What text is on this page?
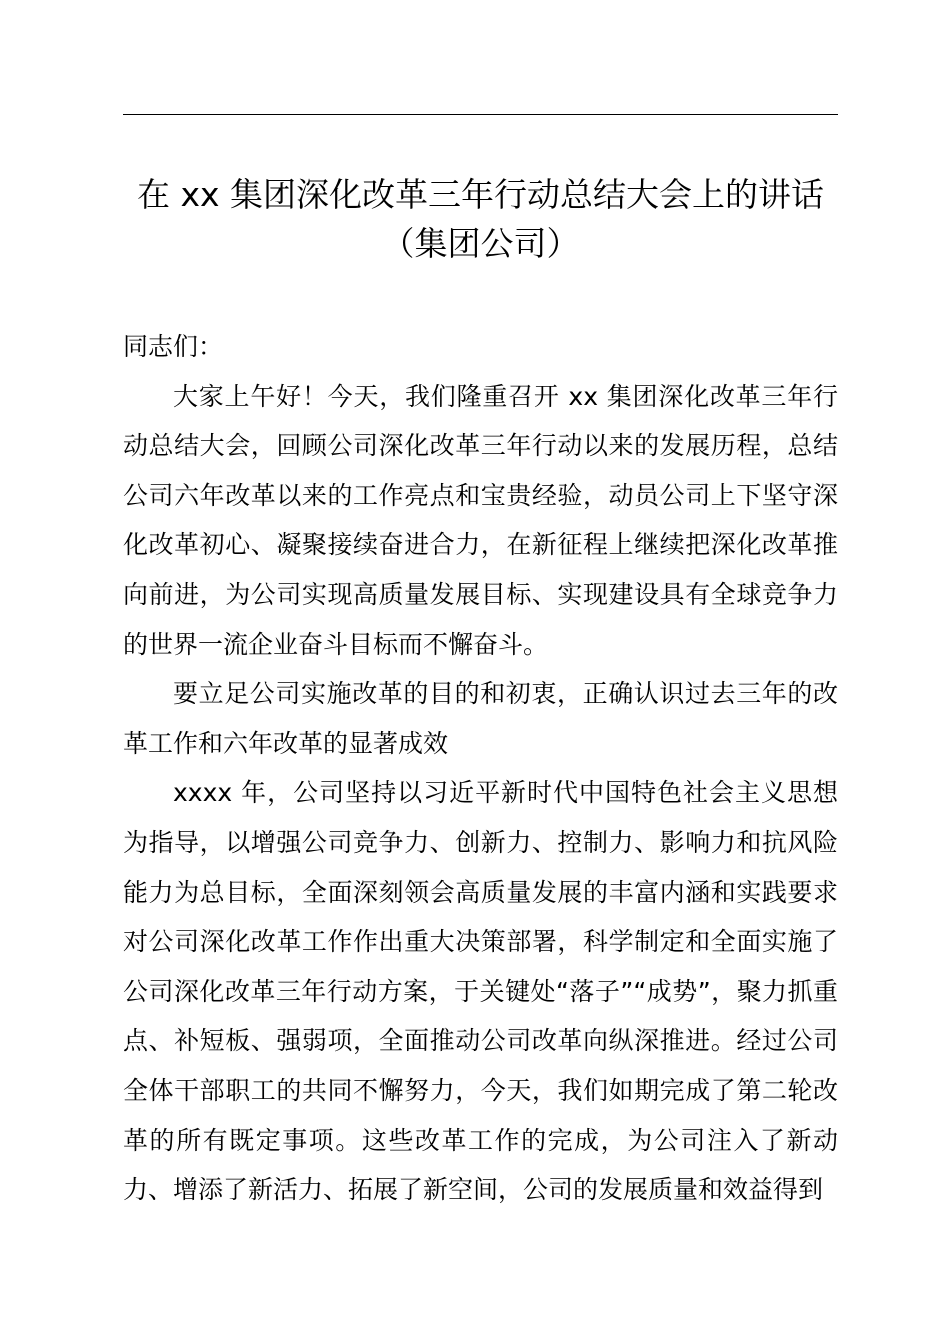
在 xx 集团深化改革三年行动总结大会上的讲话（集团公司）

同志们：

大家上午好！今天，我们隆重召开 xx 集团深化改革三年行动总结大会，回顾公司深化改革三年行动以来的发展历程，总结公司六年改革以来的工作亮点和宝贵经验，动员公司上下坚守深化改革初心、凝聚接续奋进合力，在新征程上继续把深化改革推向前进，为公司实现高质量发展目标、实现建设具有全球竞争力的世界一流企业奋斗目标而不懈奋斗。

要立足公司实施改革的目的和初衷，正确认识过去三年的改革工作和六年改革的显著成效

xxxx 年，公司坚持以习近平新时代中国特色社会主义思想为指导，以增强公司竞争力、创新力、控制力、影响力和抗风险能力为总目标，全面深刻领会高质量发展的丰富内涵和实践要求对公司深化改革工作作出重大决策部署，科学制定和全面实施了公司深化改革三年行动方案，于关键处“落子”“成势”，聚力抓重点、补短板、强弱项，全面推动公司改革向纵深推进。经过公司全体干部职工的共同不懈努力，今天，我们如期完成了第二轮改革的所有既定事项。这些改革工作的完成，为公司注入了新动力、增添了新活力、拓展了新空间，公司的发展质量和效益得到
